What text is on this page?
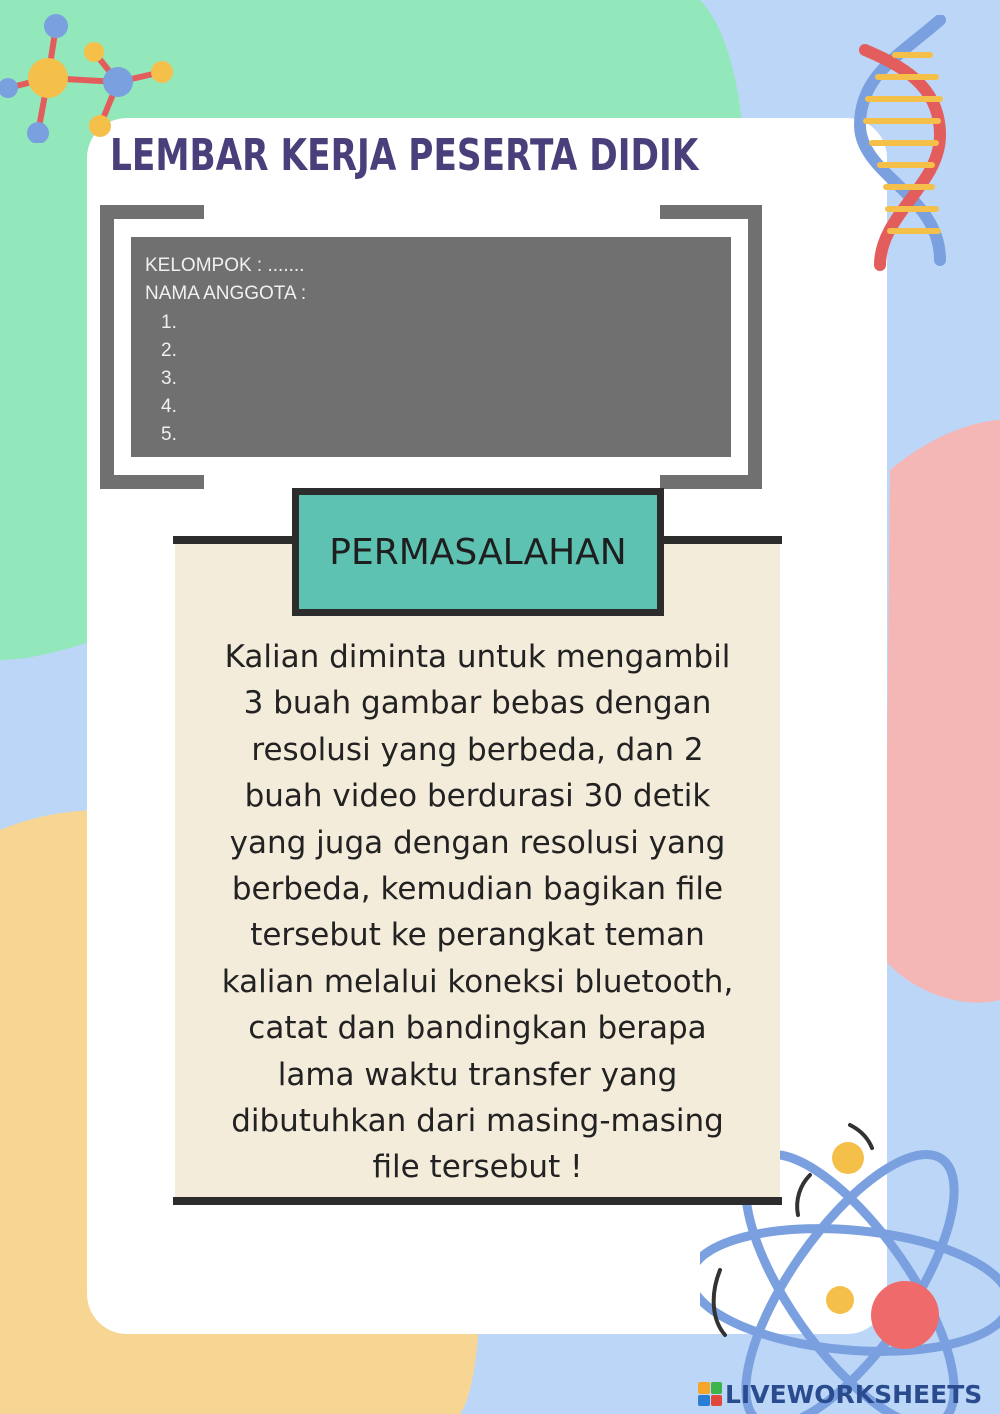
LEMBAR KERJA PESERTA DIDIK
KELOMPOK : .......
NAMA ANGGOTA :
1.
2.
3.
4.
5.
PERMASALAHAN
Kalian diminta untuk mengambil
3 buah gambar bebas dengan
resolusi yang berbeda, dan 2
buah video berdurasi 30 detik
yang juga dengan resolusi yang
berbeda, kemudian bagikan file
tersebut ke perangkat teman
kalian melalui koneksi bluetooth,
catat dan bandingkan berapa
lama waktu transfer yang
dibutuhkan dari masing-masing
file tersebut !
LIVEWORKSHEETS
